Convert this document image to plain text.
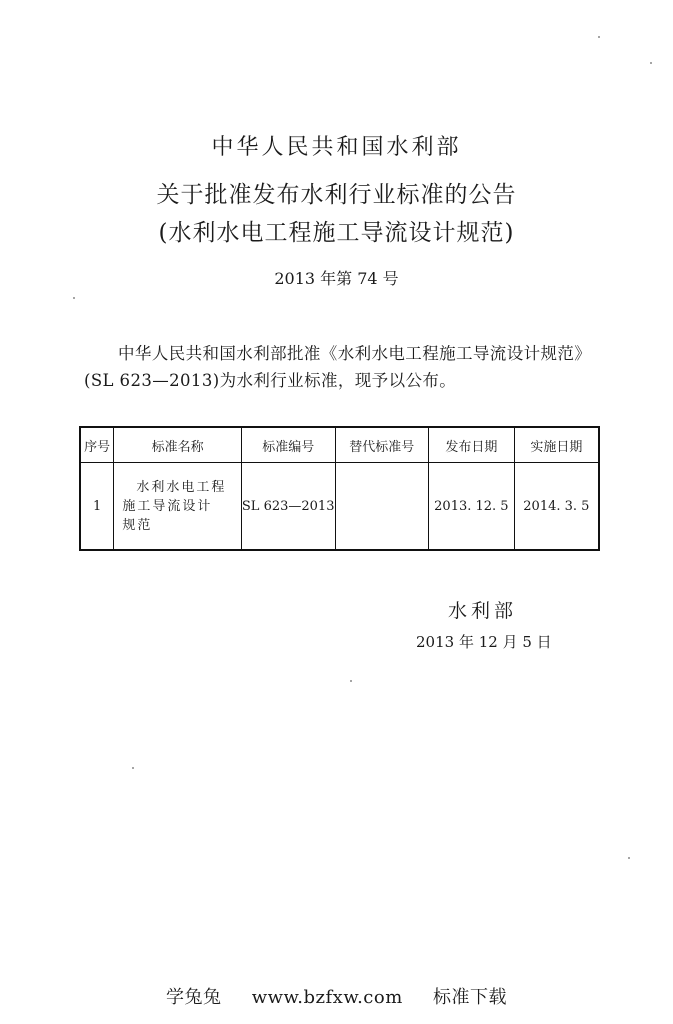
中华人民共和国水利部
关于批准发布水利行业标准的公告
(水利水电工程施工导流设计规范)
2013 年第 74 号
中华人民共和国水利部批准《水利水电工程施工导流设计规范》(SL 623—2013)为水利行业标准，现予以公布。
序号	标准名称	标准编号	替代标准号	发布日期	实施日期
1	水利水电工程
施工导流设计
规范	SL 623—2013		2013. 12. 5	2014. 3. 5
水利部
2013 年 12 月 5 日
学兔兔 www.bzfxw.com 标准下载
